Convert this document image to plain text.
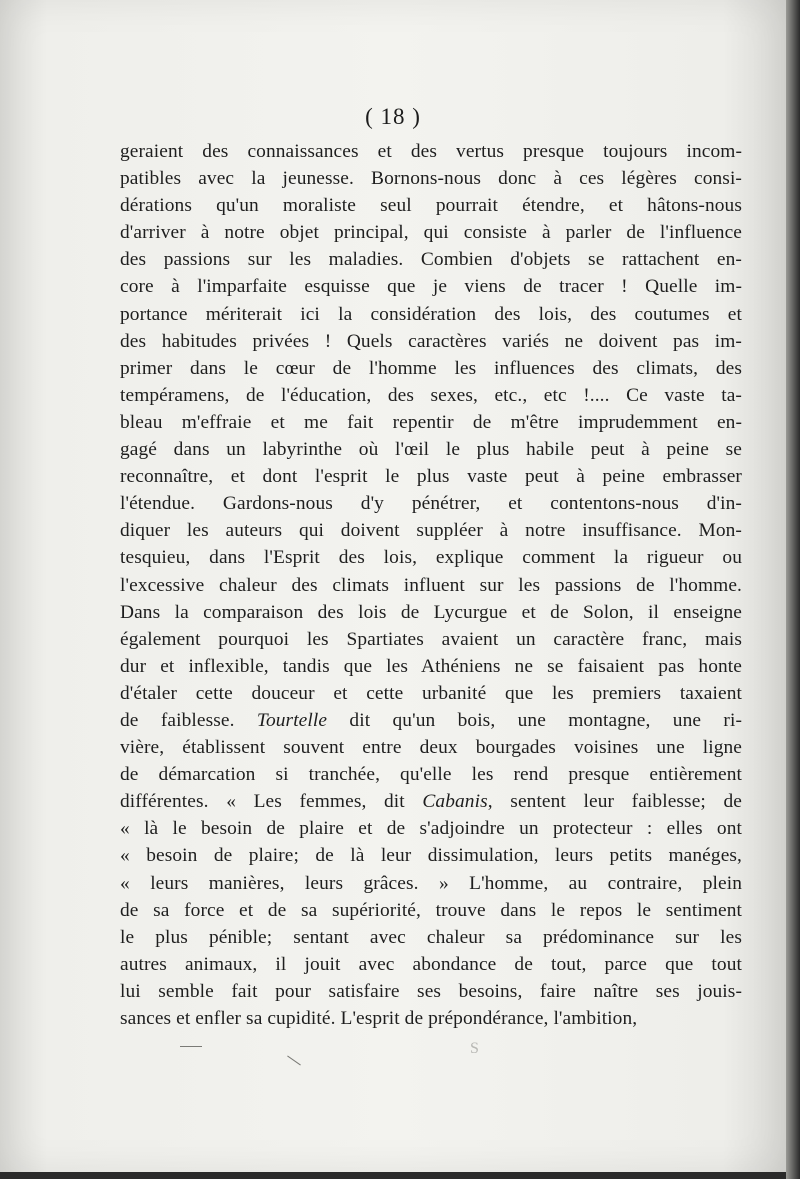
( 18 )
geraient des connaissances et des vertus presque toujours incom-
patibles avec la jeunesse. Bornons-nous donc à ces légères consi-
dérations qu'un moraliste seul pourrait étendre, et hâtons-nous
d'arriver à notre objet principal, qui consiste à parler de l'influence
des passions sur les maladies. Combien d'objets se rattachent en-
core à l'imparfaite esquisse que je viens de tracer ! Quelle im-
portance mériterait ici la considération des lois, des coutumes et
des habitudes privées ! Quels caractères variés ne doivent pas im-
primer dans le cœur de l'homme les influences des climats, des
tempéramens, de l'éducation, des sexes, etc., etc !.... Ce vaste ta-
bleau m'effraie et me fait repentir de m'être imprudemment en-
gagé dans un labyrinthe où l'œil le plus habile peut à peine se
reconnaître, et dont l'esprit le plus vaste peut à peine embrasser
l'étendue. Gardons-nous d'y pénétrer, et contentons-nous d'in-
diquer les auteurs qui doivent suppléer à notre insuffisance. Mon-
tesquieu, dans l'Esprit des lois, explique comment la rigueur ou
l'excessive chaleur des climats influent sur les passions de l'homme.
Dans la comparaison des lois de Lycurgue et de Solon, il enseigne
également pourquoi les Spartiates avaient un caractère franc, mais
dur et inflexible, tandis que les Athéniens ne se faisaient pas honte
d'étaler cette douceur et cette urbanité que les premiers taxaient
de faiblesse. Tourtelle dit qu'un bois, une montagne, une ri-
vière, établissent souvent entre deux bourgades voisines une ligne
de démarcation si tranchée, qu'elle les rend presque entièrement
différentes. « Les femmes, dit Cabanis, sentent leur faiblesse; de
« là le besoin de plaire et de s'adjoindre un protecteur : elles ont
« besoin de plaire; de là leur dissimulation, leurs petits manéges,
« leurs manières, leurs grâces. » L'homme, au contraire, plein
de sa force et de sa supériorité, trouve dans le repos le sentiment
le plus pénible; sentant avec chaleur sa prédominance sur les
autres animaux, il jouit avec abondance de tout, parce que tout
lui semble fait pour satisfaire ses besoins, faire naître ses jouis-
sances et enfler sa cupidité. L'esprit de prépondérance, l'ambition,
S
